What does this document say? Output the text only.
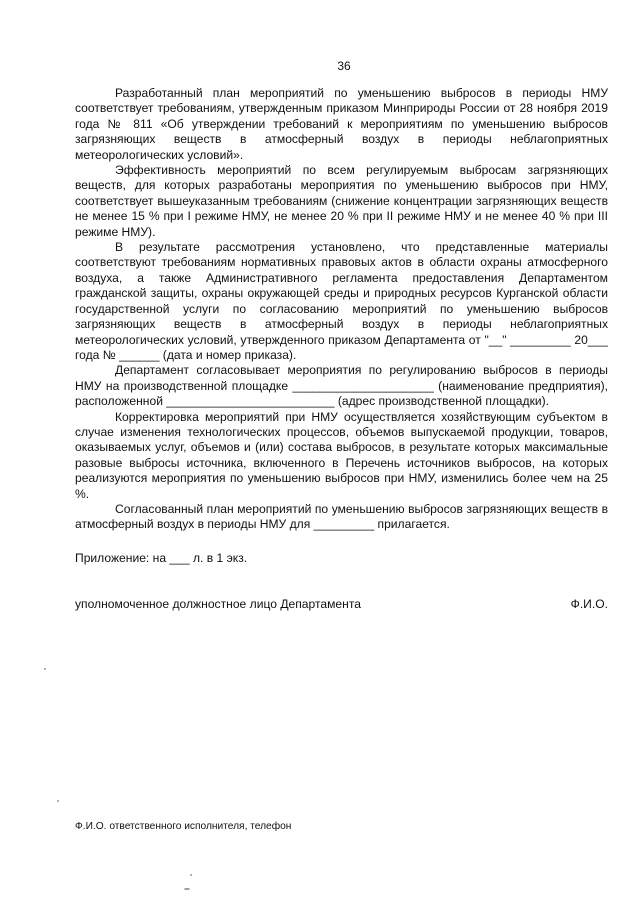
36

Разработанный план мероприятий по уменьшению выбросов в периоды НМУ соответствует требованиям, утвержденным приказом Минприроды России от 28 ноября 2019 года № 811 «Об утверждении требований к мероприятиям по уменьшению выбросов загрязняющих веществ в атмосферный воздух в периоды неблагоприятных метеорологических условий».

Эффективность мероприятий по всем регулируемым выбросам загрязняющих веществ, для которых разработаны мероприятия по уменьшению выбросов при НМУ, соответствует вышеуказанным требованиям (снижение концентрации загрязняющих веществ не менее 15 % при I режиме НМУ, не менее 20 % при II режиме НМУ и не менее 40 % при III режиме НМУ).

В результате рассмотрения установлено, что представленные материалы соответствуют требованиям нормативных правовых актов в области охраны атмосферного воздуха, а также Административного регламента предоставления Департаментом гражданской защиты, охраны окружающей среды и природных ресурсов Курганской области государственной услуги по согласованию мероприятий по уменьшению выбросов загрязняющих веществ в атмосферный воздух в периоды неблагоприятных метеорологических условий, утвержденного приказом Департамента от "__" _________ 20___ года № ______ (дата и номер приказа).

Департамент согласовывает мероприятия по регулированию выбросов в периоды НМУ на производственной площадке _____________________ (наименование предприятия), расположенной _________________________ (адрес производственной площадки).

Корректировка мероприятий при НМУ осуществляется хозяйствующим субъектом в случае изменения технологических процессов, объемов выпускаемой продукции, товаров, оказываемых услуг, объемов и (или) состава выбросов, в результате которых максимальные разовые выбросы источника, включенного в Перечень источников выбросов, на которых реализуются мероприятия по уменьшению выбросов при НМУ, изменились более чем на 25 %.

Согласованный план мероприятий по уменьшению выбросов загрязняющих веществ в атмосферный воздух в периоды НМУ для _________ прилагается.

Приложение: на ___ л. в 1 экз.
уполномоченное должностное лицо Департамента	Ф.И.О.
Ф.И.О. ответственного исполнителя, телефон
